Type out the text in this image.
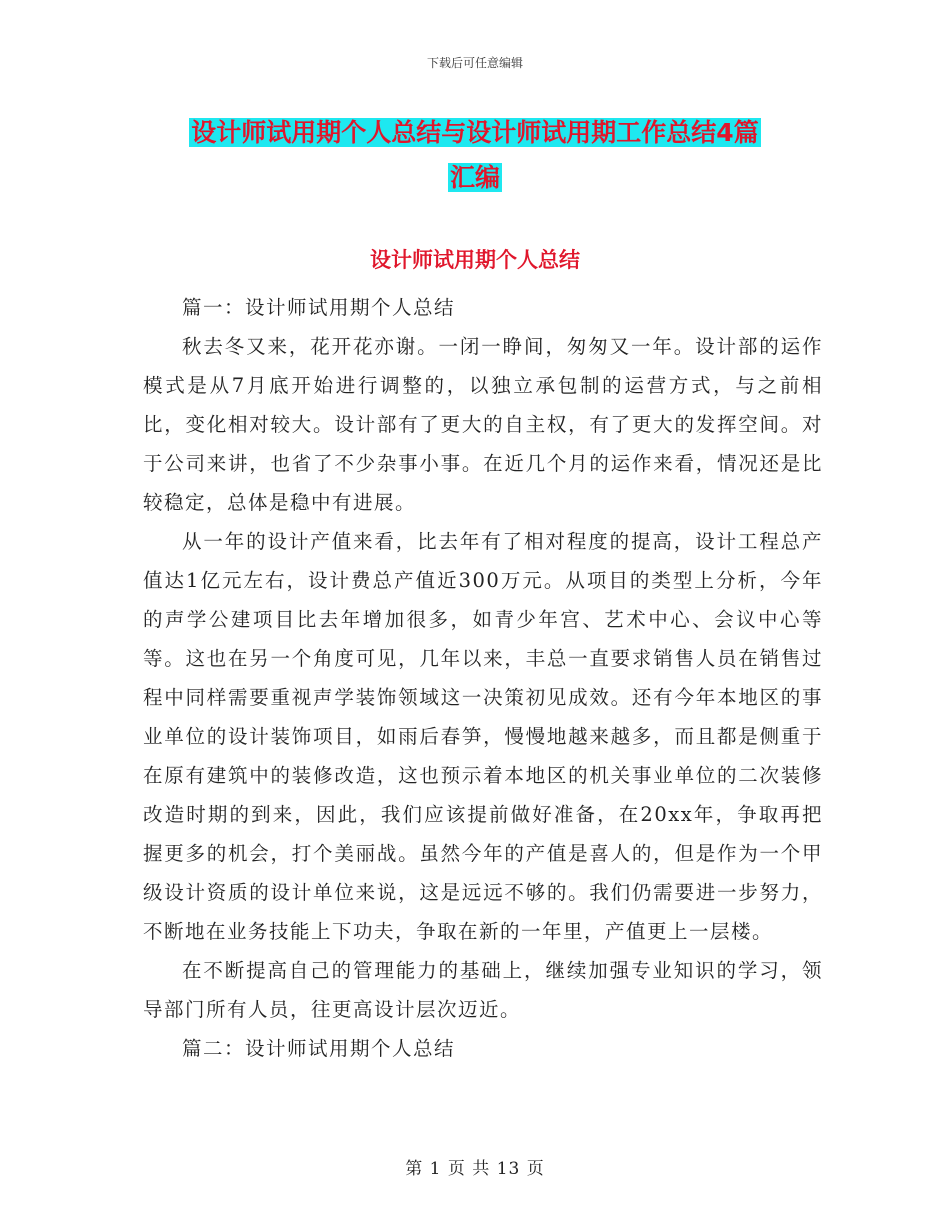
下载后可任意编辑
设计师试用期个人总结与设计师试用期工作总结4篇
汇编
设计师试用期个人总结

篇一：设计师试用期个人总结

秋去冬又来，花开花亦谢。一闭一睁间，匆匆又一年。设计部的运作模式是从7月底开始进行调整的，以独立承包制的运营方式，与之前相比，变化相对较大。设计部有了更大的自主权，有了更大的发挥空间。对于公司来讲，也省了不少杂事小事。在近几个月的运作来看，情况还是比较稳定，总体是稳中有进展。

从一年的设计产值来看，比去年有了相对程度的提高，设计工程总产值达1亿元左右，设计费总产值近300万元。从项目的类型上分析，今年的声学公建项目比去年增加很多，如青少年宫、艺术中心、会议中心等等。这也在另一个角度可见，几年以来，丰总一直要求销售人员在销售过程中同样需要重视声学装饰领域这一决策初见成效。还有今年本地区的事业单位的设计装饰项目，如雨后春笋，慢慢地越来越多，而且都是侧重于在原有建筑中的装修改造，这也预示着本地区的机关事业单位的二次装修改造时期的到来，因此，我们应该提前做好准备，在20xx年，争取再把握更多的机会，打个美丽战。虽然今年的产值是喜人的，但是作为一个甲级设计资质的设计单位来说，这是远远不够的。我们仍需要进一步努力，不断地在业务技能上下功夫，争取在新的一年里，产值更上一层楼。

在不断提高自己的管理能力的基础上，继续加强专业知识的学习，领导部门所有人员，往更高设计层次迈近。

篇二：设计师试用期个人总结

第 1 页 共 13 页
